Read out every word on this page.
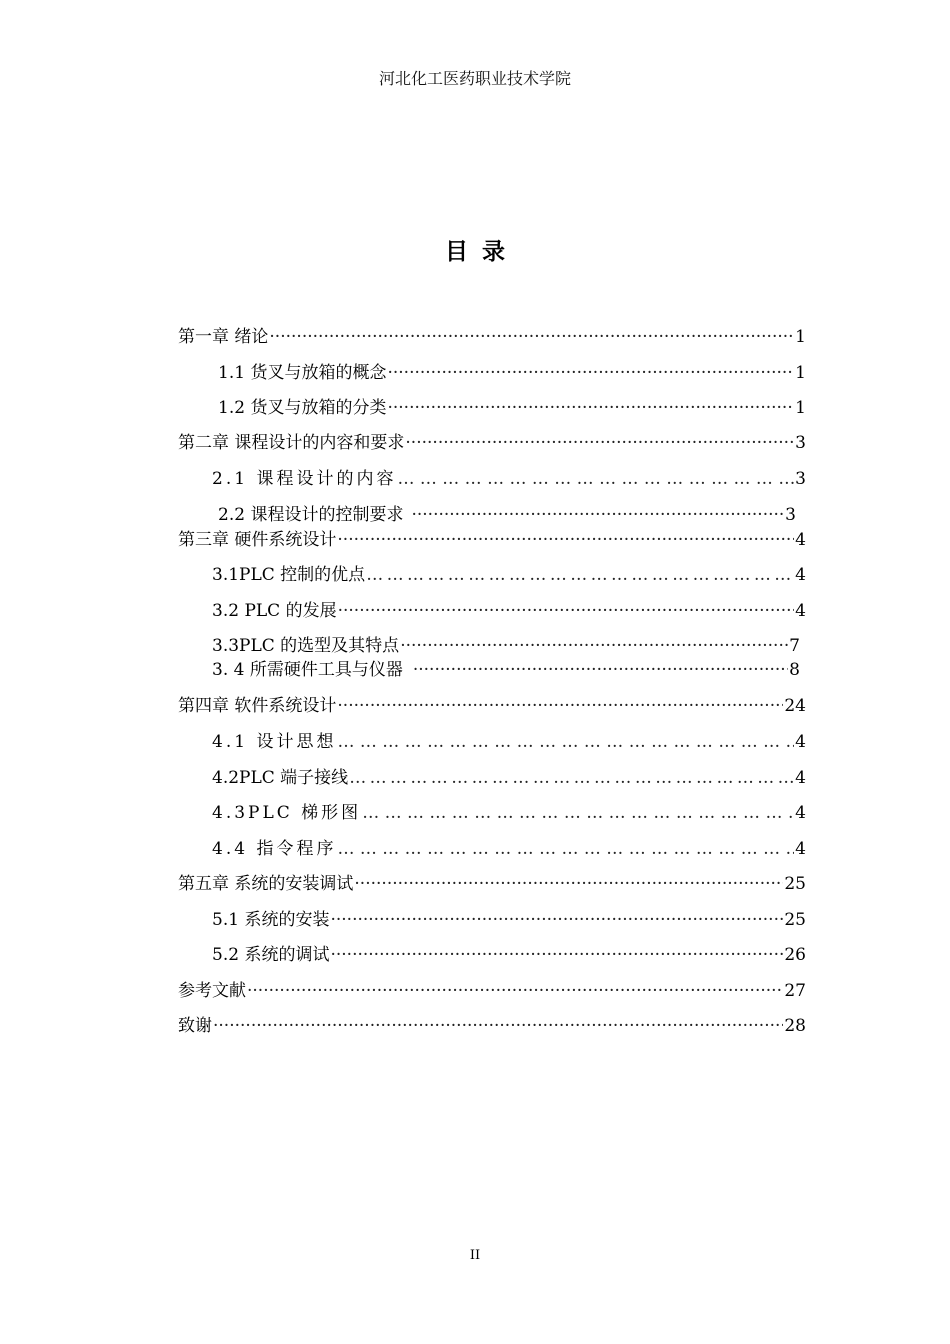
河北化工医药职业技术学院
目录
第一章 绪论 ·····	1
1.1 货叉与放箱的概念 ·····	1
1.2 货叉与放箱的分类 ·····	1
第二章 课程设计的内容和要求 ·····	3
2.1 课程设计的内容 … … … … … … … … … … … … … … … … … … … … … … … … … … … … … … … … … … … … … … …	3
2.2 课程设计的控制要求 ·····	3
第三章 硬件系统设计 ·····	4
3.1PLC 控制的优点 … … … … … … … … … … … … … … … … … … … … … … … … … … … … … … … … … … … … … … …	4
3.2 PLC 的发展 ·····	4
3.3PLC 的选型及其特点 ·····	7
3. 4 所需硬件工具与仪器 ·····	8
第四章 软件系统设计 ·····	24
4.1 设计思想 … … … … … … … … … … … … … … … … … … … … … … … … … … … … … … … … … … … … … … …	4
4.2PLC 端子接线 … … … … … … … … … … … … … … … … … … … … … … … … … … … … … … … … … … … … … … …	4
4.3PLC 梯形图 … … … … … … … … … … … … … … … … … … … … … … … … … … … … … … … … … … … … … … …	4
4.4 指令程序 … … … … … … … … … … … … … … … … … … … … … … … … … … … … … … … … … … … … … … …	4
第五章 系统的安装调试 ·····	25
5.1 系统的安装 ·····	25
5.2 系统的调试 ·····	26
参考文献 ·····	27
致谢 ·····	28
II
